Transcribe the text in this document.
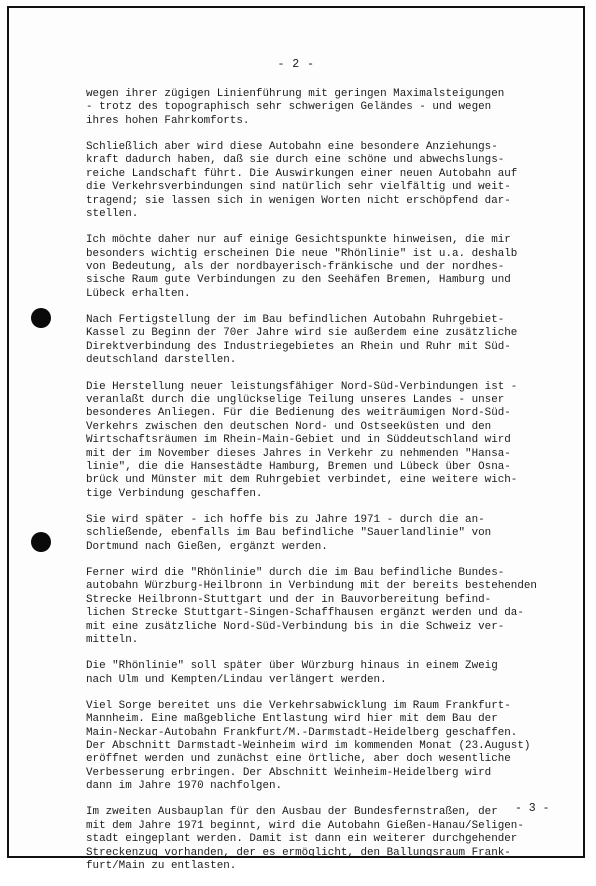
- 2 -
wegen ihrer zügigen Linienführung mit geringen Maximalsteigungen
- trotz des topographisch sehr schwerigen Geländes - und wegen
ihres hohen Fahrkomforts.
Schließlich aber wird diese Autobahn eine besondere Anziehungs-
kraft dadurch haben, daß sie durch eine schöne und abwechslungs-
reiche Landschaft führt. Die Auswirkungen einer neuen Autobahn auf
die Verkehrsverbindungen sind natürlich sehr vielfältig und weit-
tragend; sie lassen sich in wenigen Worten nicht erschöpfend dar-
stellen.
Ich möchte daher nur auf einige Gesichtspunkte hinweisen, die mir
besonders wichtig erscheinen Die neue "Rhönlinie" ist u.a. deshalb
von Bedeutung, als der nordbayerisch-fränkische und der nordhes-
sische Raum gute Verbindungen zu den Seehäfen Bremen, Hamburg und
Lübeck erhalten.
Nach Fertigstellung der im Bau befindlichen Autobahn Ruhrgebiet-
Kassel zu Beginn der 70er Jahre wird sie außerdem eine zusätzliche
Direktverbindung des Industriegebietes an Rhein und Ruhr mit Süd-
deutschland darstellen.
Die Herstellung neuer leistungsfähiger Nord-Süd-Verbindungen ist -
veranlaßt durch die unglückselige Teilung unseres Landes - unser
besonderes Anliegen. Für die Bedienung des weiträumigen Nord-Süd-
Verkehrs zwischen den deutschen Nord- und Ostseeküsten und den
Wirtschaftsräumen im Rhein-Main-Gebiet und in Süddeutschland wird
mit der im November dieses Jahres in Verkehr zu nehmenden "Hansa-
linie", die die Hansestädte Hamburg, Bremen und Lübeck über Osna-
brück und Münster mit dem Ruhrgebiet verbindet, eine weitere wich-
tige Verbindung geschaffen.
Sie wird später - ich hoffe bis zu Jahre 1971 - durch die an-
schließende, ebenfalls im Bau befindliche "Sauerlandlinie" von
Dortmund nach Gießen, ergänzt werden.
Ferner wird die "Rhönlinie" durch die im Bau befindliche Bundes-
autobahn Würzburg-Heilbronn in Verbindung mit der bereits bestehenden
Strecke Heilbronn-Stuttgart und der in Bauvorbereitung befind-
lichen Strecke Stuttgart-Singen-Schaffhausen ergänzt werden und da-
mit eine zusätzliche Nord-Süd-Verbindung bis in die Schweiz ver-
mitteln.
Die "Rhönlinie" soll später über Würzburg hinaus in einem Zweig
nach Ulm und Kempten/Lindau verlängert werden.
Viel Sorge bereitet uns die Verkehrsabwicklung im Raum Frankfurt-
Mannheim. Eine maßgebliche Entlastung wird hier mit dem Bau der
Main-Neckar-Autobahn Frankfurt/M.-Darmstadt-Heidelberg geschaffen.
Der Abschnitt Darmstadt-Weinheim wird im kommenden Monat (23.August)
eröffnet werden und zunächst eine örtliche, aber doch wesentliche
Verbesserung erbringen. Der Abschnitt Weinheim-Heidelberg wird
dann im Jahre 1970 nachfolgen.
Im zweiten Ausbauplan für den Ausbau der Bundesfernstraßen, der
mit dem Jahre 1971 beginnt, wird die Autobahn Gießen-Hanau/Seligen-
stadt eingeplant werden. Damit ist dann ein weiterer durchgehender
Streckenzug vorhanden, der es ermöglicht, den Ballungsraum Frank-
furt/Main zu entlasten.
- 3 -
